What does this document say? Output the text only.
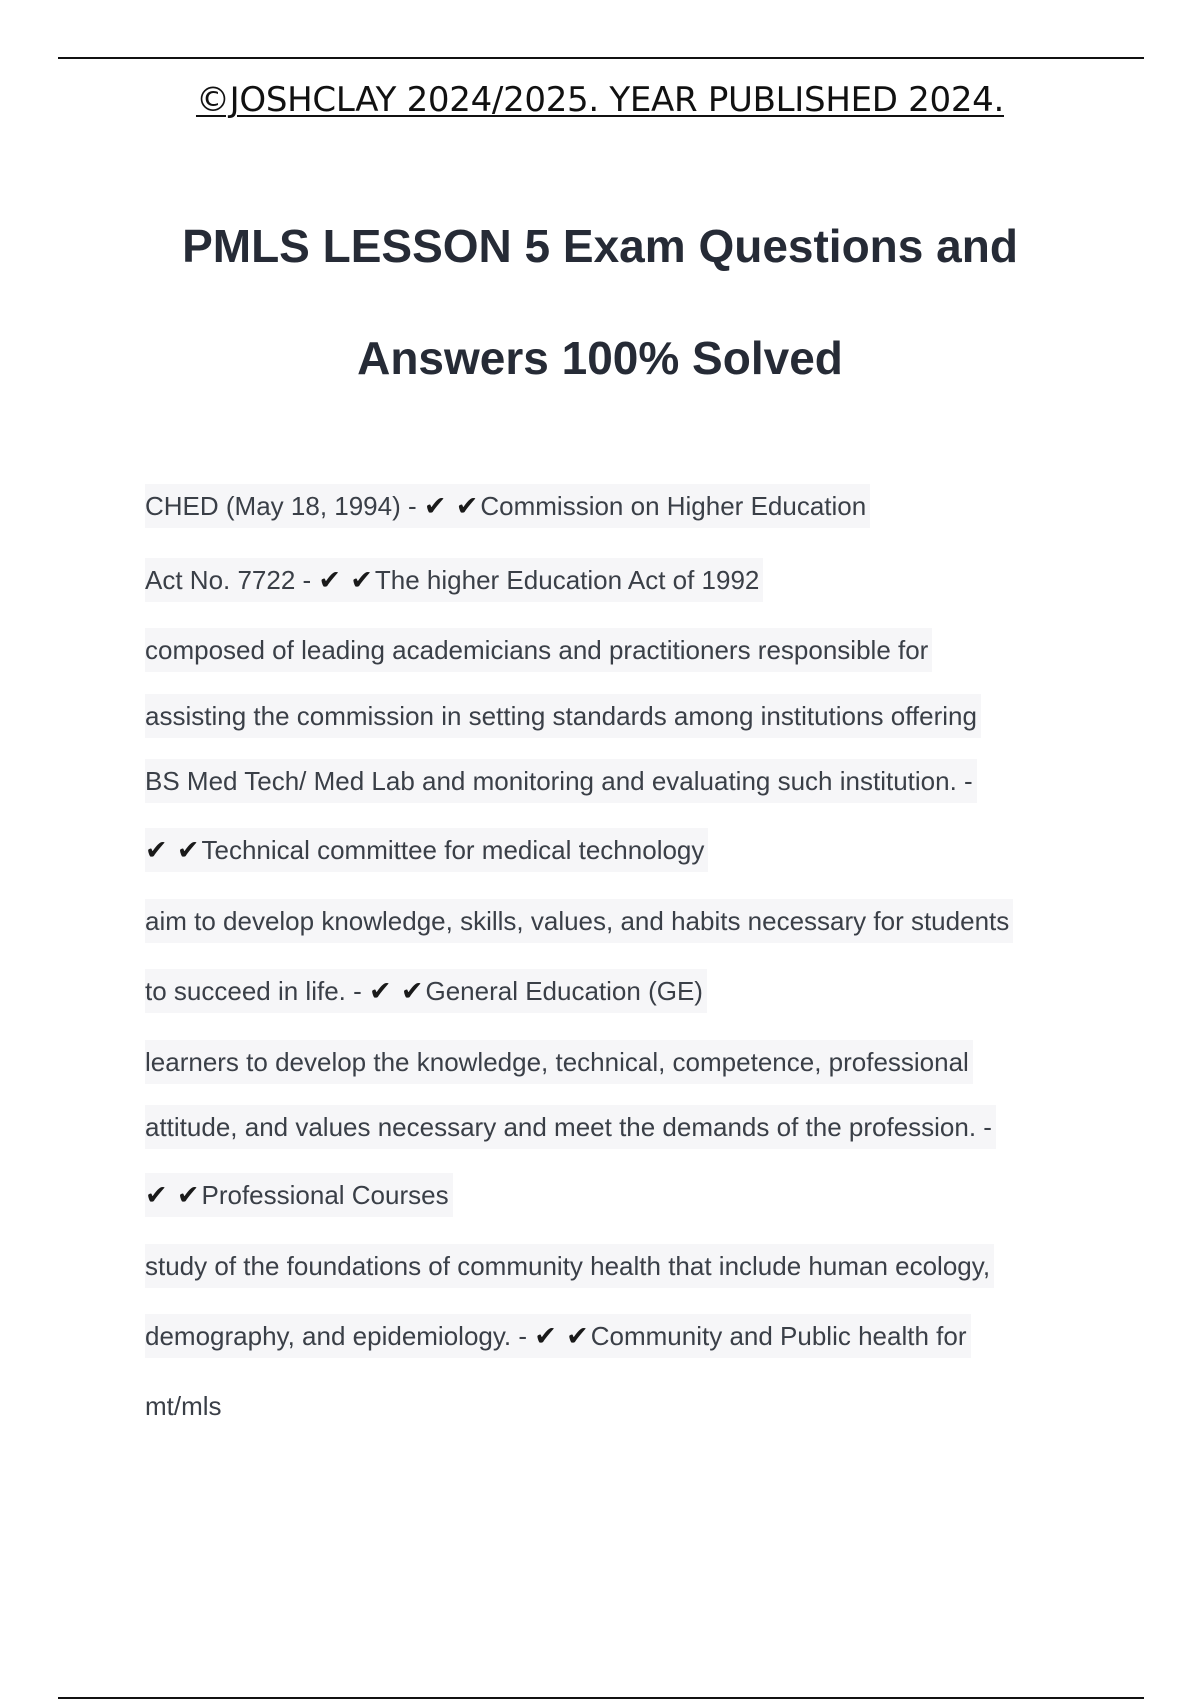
©JOSHCLAY 2024/2025. YEAR PUBLISHED 2024.
PMLS LESSON 5 Exam Questions and
Answers 100% Solved
CHED (May 18, 1994) - ✔ ✔Commission on Higher Education
Act No. 7722 - ✔ ✔The higher Education Act of 1992
composed of leading academicians and practitioners responsible for
assisting the commission in setting standards among institutions offering
BS Med Tech/ Med Lab and monitoring and evaluating such institution. -
✔ ✔Technical committee for medical technology
aim to develop knowledge, skills, values, and habits necessary for students
to succeed in life. - ✔ ✔General Education (GE)
learners to develop the knowledge, technical, competence, professional
attitude, and values necessary and meet the demands of the profession. -
✔ ✔Professional Courses
study of the foundations of community health that include human ecology,
demography, and epidemiology. - ✔ ✔Community and Public health for
mt/mls
